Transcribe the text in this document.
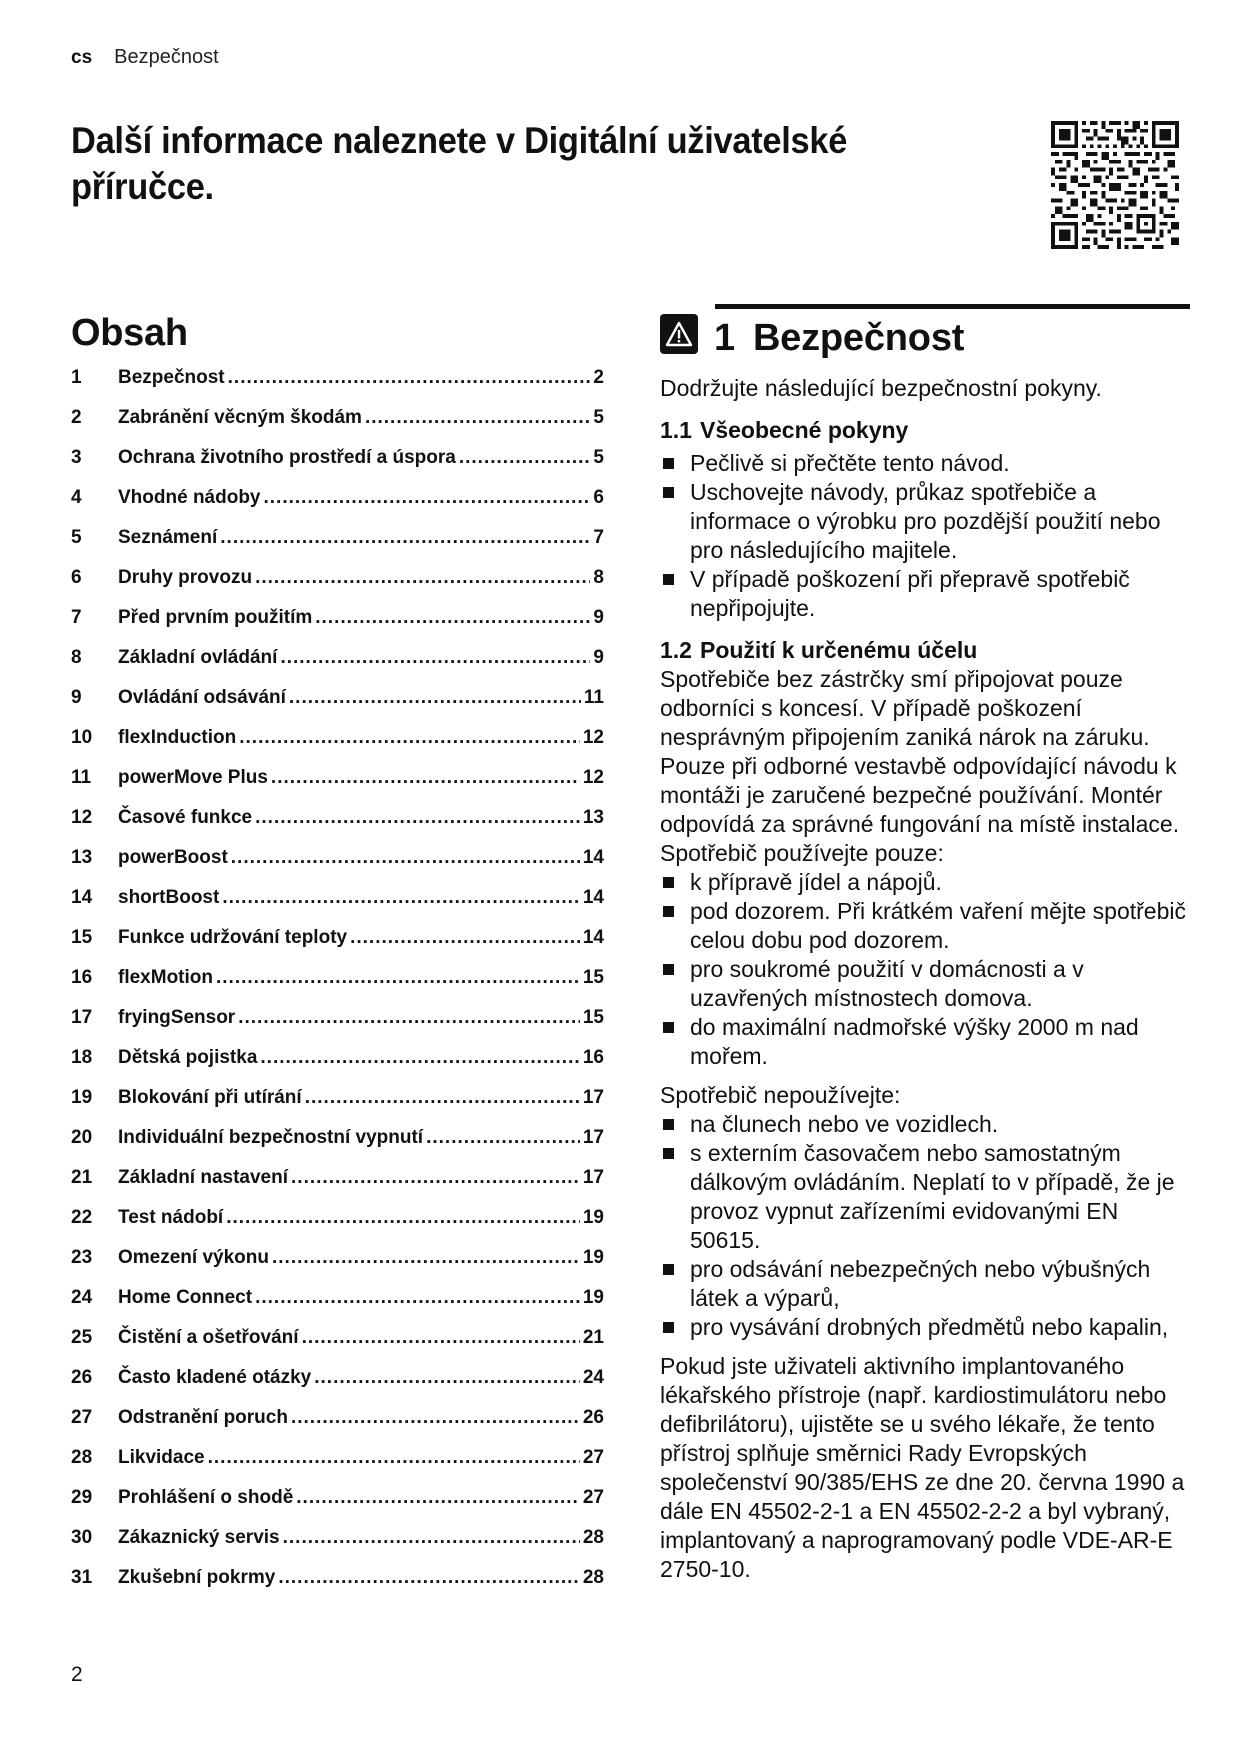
cs Bezpečnost
Další informace naleznete v Digitální uživatelské příručce.
Obsah
1	Bezpečnost .....	2
2	Zabránění věcným škodám .....	5
3	Ochrana životního prostředí a úspora .....	5
4	Vhodné nádoby .....	6
5	Seznámení .....	7
6	Druhy provozu .....	8
7	Před prvním použitím .....	9
8	Základní ovládání .....	9
9	Ovládání odsávání .....	11
10	flexInduction .....	12
11	powerMove Plus .....	12
12	Časové funkce .....	13
13	powerBoost .....	14
14	shortBoost .....	14
15	Funkce udržování teploty .....	14
16	flexMotion .....	15
17	fryingSensor .....	15
18	Dětská pojistka .....	16
19	Blokování při utírání .....	17
20	Individuální bezpečnostní vypnutí .....	17
21	Základní nastavení .....	17
22	Test nádobí .....	19
23	Omezení výkonu .....	19
24	Home Connect .....	19
25	Čistění a ošetřování .....	21
26	Často kladené otázky .....	24
27	Odstranění poruch .....	26
28	Likvidace .....	27
29	Prohlášení o shodě .....	27
30	Zákaznický servis .....	28
31	Zkušební pokrmy .....	28
1 Bezpečnost

Dodržujte následující bezpečnostní pokyny.

1.1 Všeobecné pokyny
Pečlivě si přečtěte tento návod.
Uschovejte návody, průkaz spotřebiče a informace o výrobku pro pozdější použití nebo pro následujícího majitele.
V případě poškození při přepravě spotřebič nepřipojujte.
1.2 Použití k určenému účelu

Spotřebiče bez zástrčky smí připojovat pouze odborníci s koncesí. V případě poškození nesprávným připojením zaniká nárok na záruku. Pouze při odborné vestavbě odpovídající návodu k montáži je zaručené bezpečné používání. Montér odpovídá za správné fungování na místě instalace.

Spotřebič používejte pouze:

k přípravě jídel a nápojů.
pod dozorem. Při krátkém vaření mějte spotřebič celou dobu pod dozorem.
pro soukromé použití v domácnosti a v uzavřených místnostech domova.
do maximální nadmořské výšky 2000 m nad mořem.

Spotřebič nepoužívejte:

na člunech nebo ve vozidlech.
s externím časovačem nebo samostatným dálkovým ovládáním. Neplatí to v případě, že je provoz vypnut zařízeními evidovanými EN 50615.
pro odsávání nebezpečných nebo výbušných látek a výparů,
pro vysávání drobných předmětů nebo kapalin,

Pokud jste uživateli aktivního implantovaného lékařského přístroje (např. kardiostimulátoru nebo defibrilátoru), ujistěte se u svého lékaře, že tento přístroj splňuje směrnici Rady Evropských společenství 90/385/EHS ze dne 20. června 1990 a dále EN 45502-2-1 a EN 45502-2-2 a byl vybraný, implantovaný a naprogramovaný podle VDE-AR-E 2750-10.

2
